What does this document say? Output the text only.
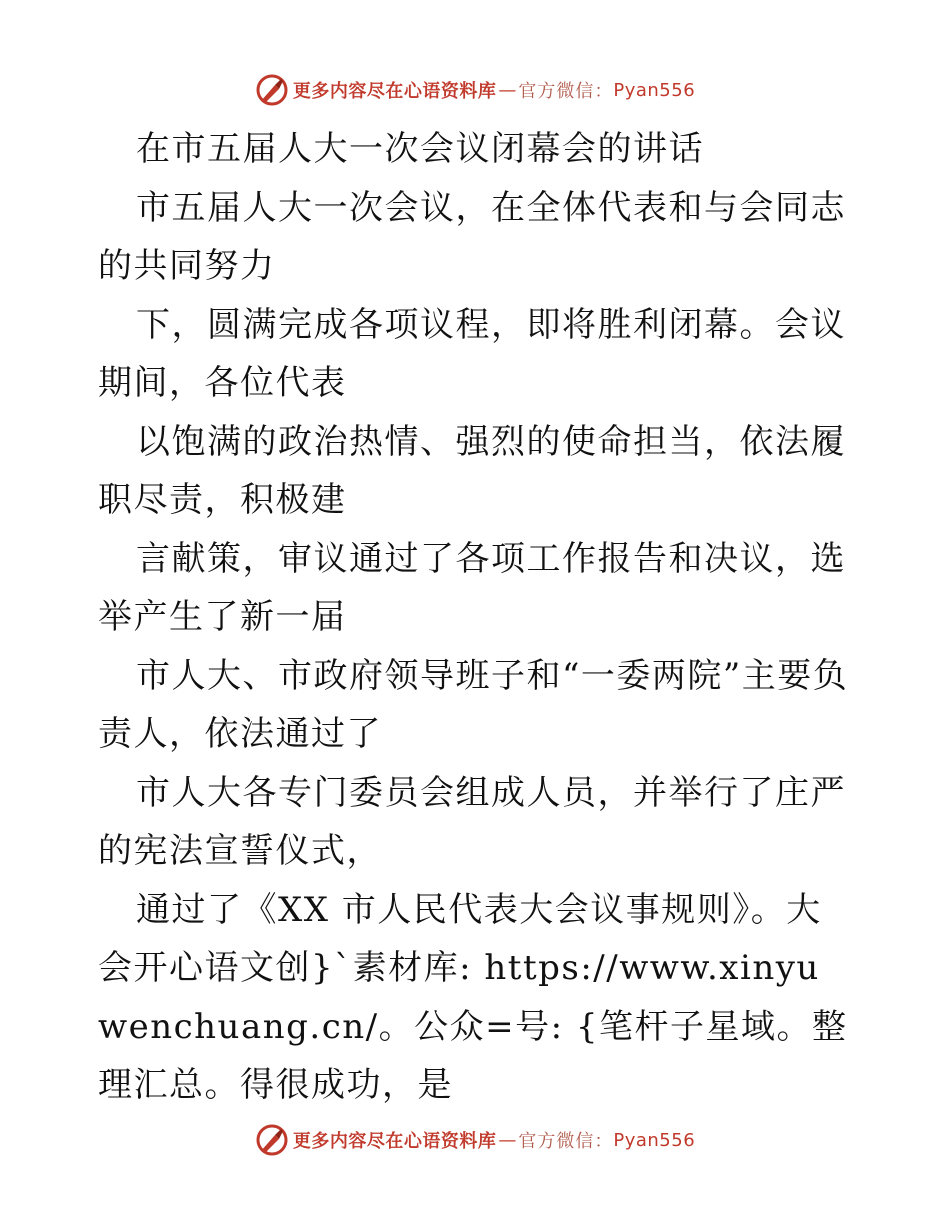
更多内容尽在心语资料库 — 官方微信： Pyan556

在市五届人大一次会议闭幕会的讲话

市五届人大一次会议，在全体代表和与会同志的共同努力

下，圆满完成各项议程，即将胜利闭幕。会议期间，各位代表

以饱满的政治热情、强烈的使命担当，依法履职尽责，积极建

言献策，审议通过了各项工作报告和决议，选举产生了新一届

市人大、市政府领导班子和“一委两院”主要负责人，依法通过了

市人大各专门委员会组成人员，并举行了庄严的宪法宣誓仪式，

通过了《XX 市人民代表大会议事规则》。大会开心语文创}`素材库: https://www.xinyuwenchuang.cn/。公众=号: {笔杆子星域。整理汇总。得很成功，是

更多内容尽在心语资料库 — 官方微信： Pyan556
